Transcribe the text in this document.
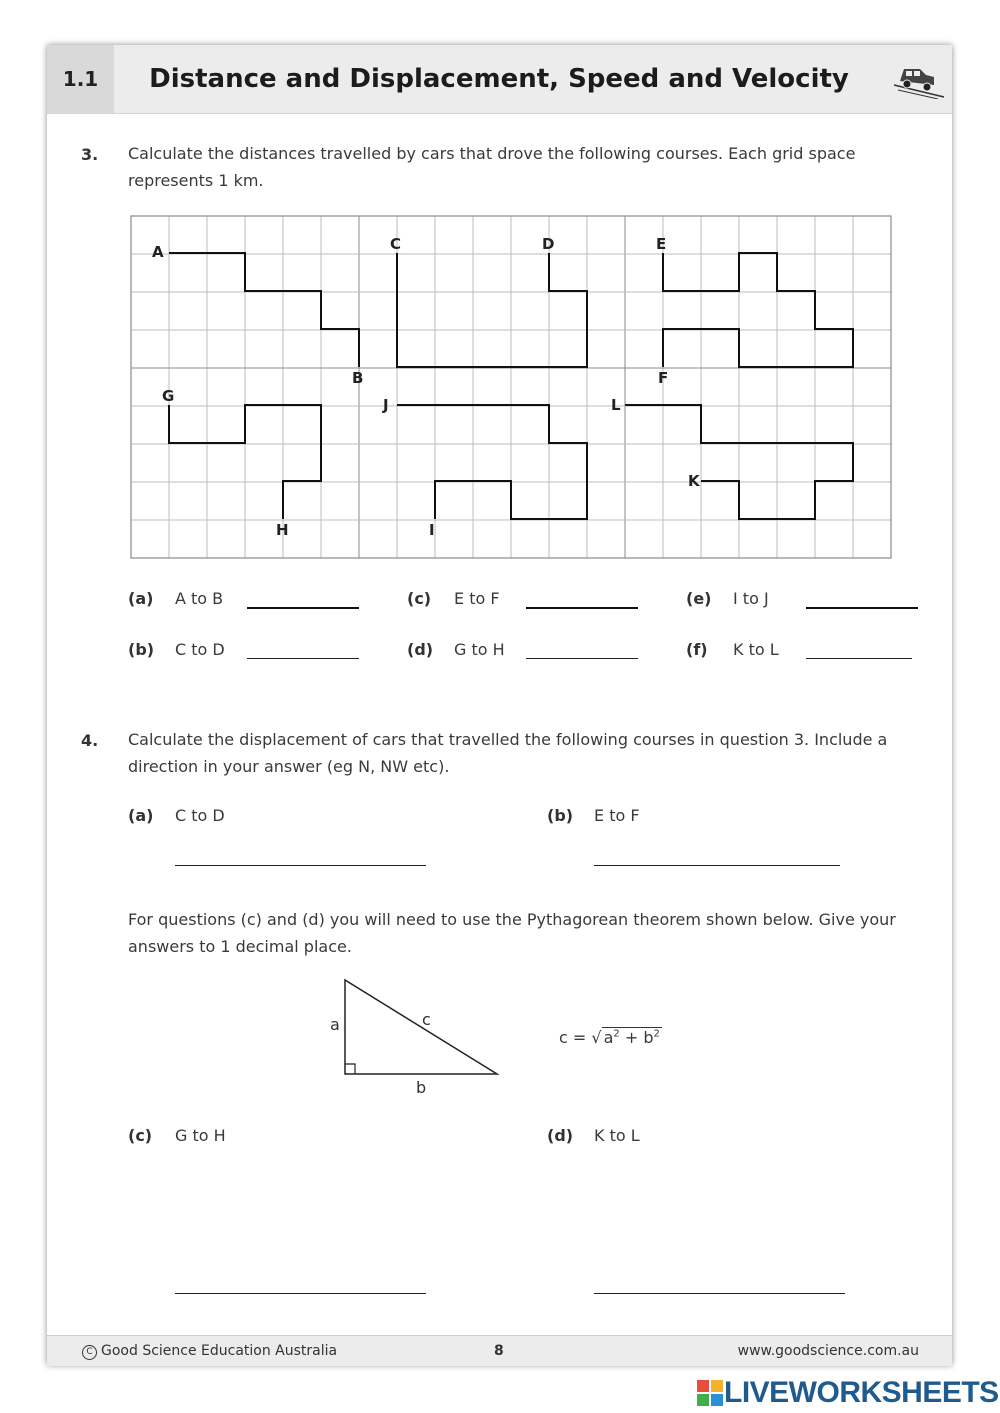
1.1	Distance and Displacement, Speed and Velocity
3. Calculate the distances travelled by cars that drove the following courses. Each grid space represents 1 km.
A
B
C	D	E
F
G
H	I
J
K
L
(a) A to B	(c) E to F	(e) I to J
(b) C to D	(d) G to H	(f) K to L
4. Calculate the displacement of cars that travelled the following courses in question 3. Include a direction in your answer (eg N, NW etc).
(a) C to D	(b) E to F
For questions (c) and (d) you will need to use the Pythagorean theorem shown below. Give your answers to 1 decimal place.
a	c
b
c = √ $a^2 + b^2$
(c) G to H	(d) K to L
C Good Science Education Australia	8	www.goodscience.com.au
LIVEWORKSHEETS
